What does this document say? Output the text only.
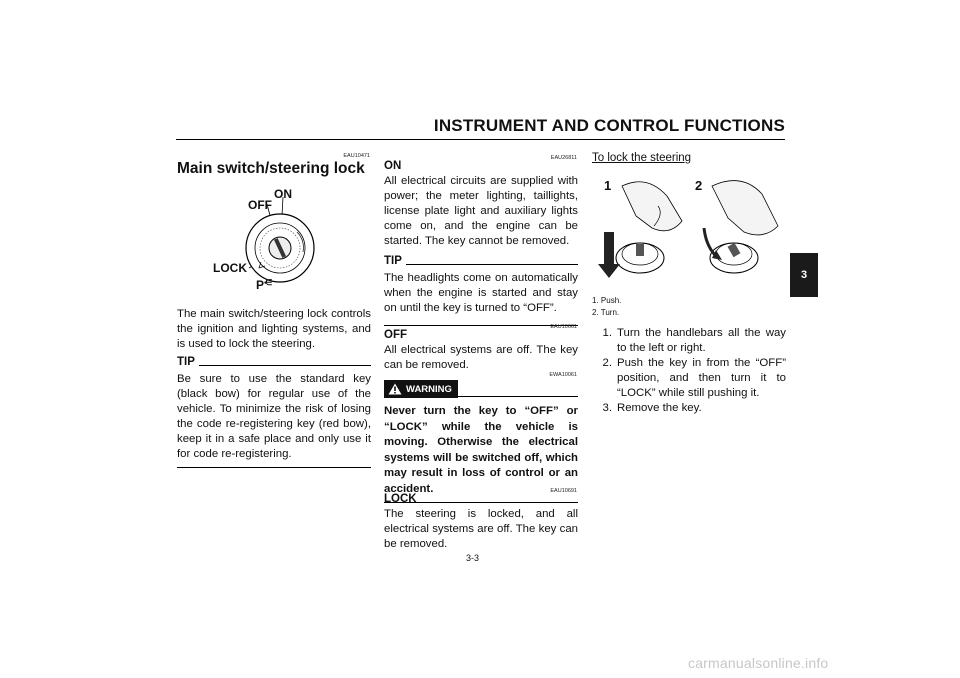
INSTRUMENT AND CONTROL FUNCTIONS
3
EAU10471
Main switch/steering lock
ON
OFF
LOCK
P⋲
The main switch/steering lock controls the ignition and lighting systems, and is used to lock the steering.
TIP
Be sure to use the standard key (black bow) for regular use of the vehicle. To minimize the risk of losing the code re-registering key (red bow), keep it in a safe place and only use it for code re-registering.
EAU26811
ON
All electrical circuits are supplied with power; the meter lighting, taillights, license plate light and auxiliary lights come on, and the engine can be started. The key cannot be removed.
TIP
The headlights come on automatically when the engine is started and stay on until the key is turned to “OFF”.
EAU10661
OFF
All electrical systems are off. The key can be removed.
EWA10061
WARNING
Never turn the key to “OFF” or “LOCK” while the vehicle is moving. Otherwise the electrical systems will be switched off, which may result in loss of control or an accident.	EAU10691
LOCK
The steering is locked, and all electrical systems are off. The key can be removed.
To lock the steering
1	2
1. Push.
2. Turn.
1. Turn the handlebars all the way to the left or right.
2. Push the key in from the “OFF” position, and then turn it to “LOCK” while still pushing it.
3. Remove the key.
3-3
carmanualsonline.info
